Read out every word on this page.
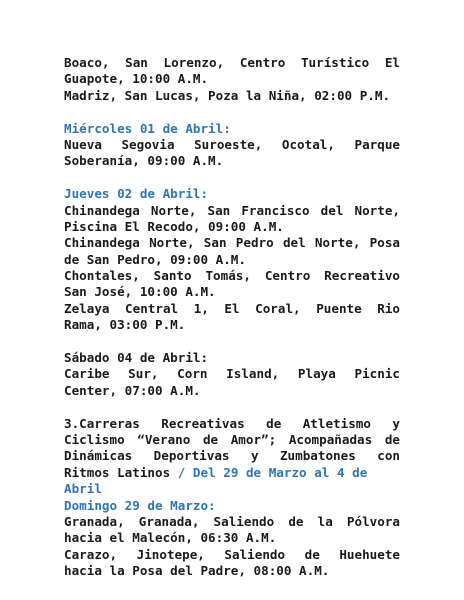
Boaco, San Lorenzo, Centro Turístico El
Guapote, 10:00 A.M.
Madriz, San Lucas, Poza la Niña, 02:00 P.M.
Miércoles 01 de Abril:
Nueva Segovia Suroeste, Ocotal, Parque
Soberanía, 09:00 A.M.
Jueves 02 de Abril:
Chinandega Norte, San Francisco del Norte,
Piscina El Recodo, 09:00 A.M.
Chinandega Norte, San Pedro del Norte, Posa
de San Pedro, 09:00 A.M.
Chontales, Santo Tomás, Centro Recreativo
San José, 10:00 A.M.
Zelaya Central 1, El Coral, Puente Rio
Rama, 03:00 P.M.
Sábado 04 de Abril:
Caribe Sur, Corn Island, Playa Picnic
Center, 07:00 A.M.
3.Carreras Recreativas de Atletismo y
Ciclismo “Verano de Amor”; Acompañadas de
Dinámicas Deportivas y Zumbatones con
Ritmos Latinos / Del 29 de Marzo al 4 de
Abril
Domingo 29 de Marzo:
Granada, Granada, Saliendo de la Pólvora
hacia el Malecón, 06:30 A.M.
Carazo, Jinotepe, Saliendo de Huehuete
hacia la Posa del Padre, 08:00 A.M.
